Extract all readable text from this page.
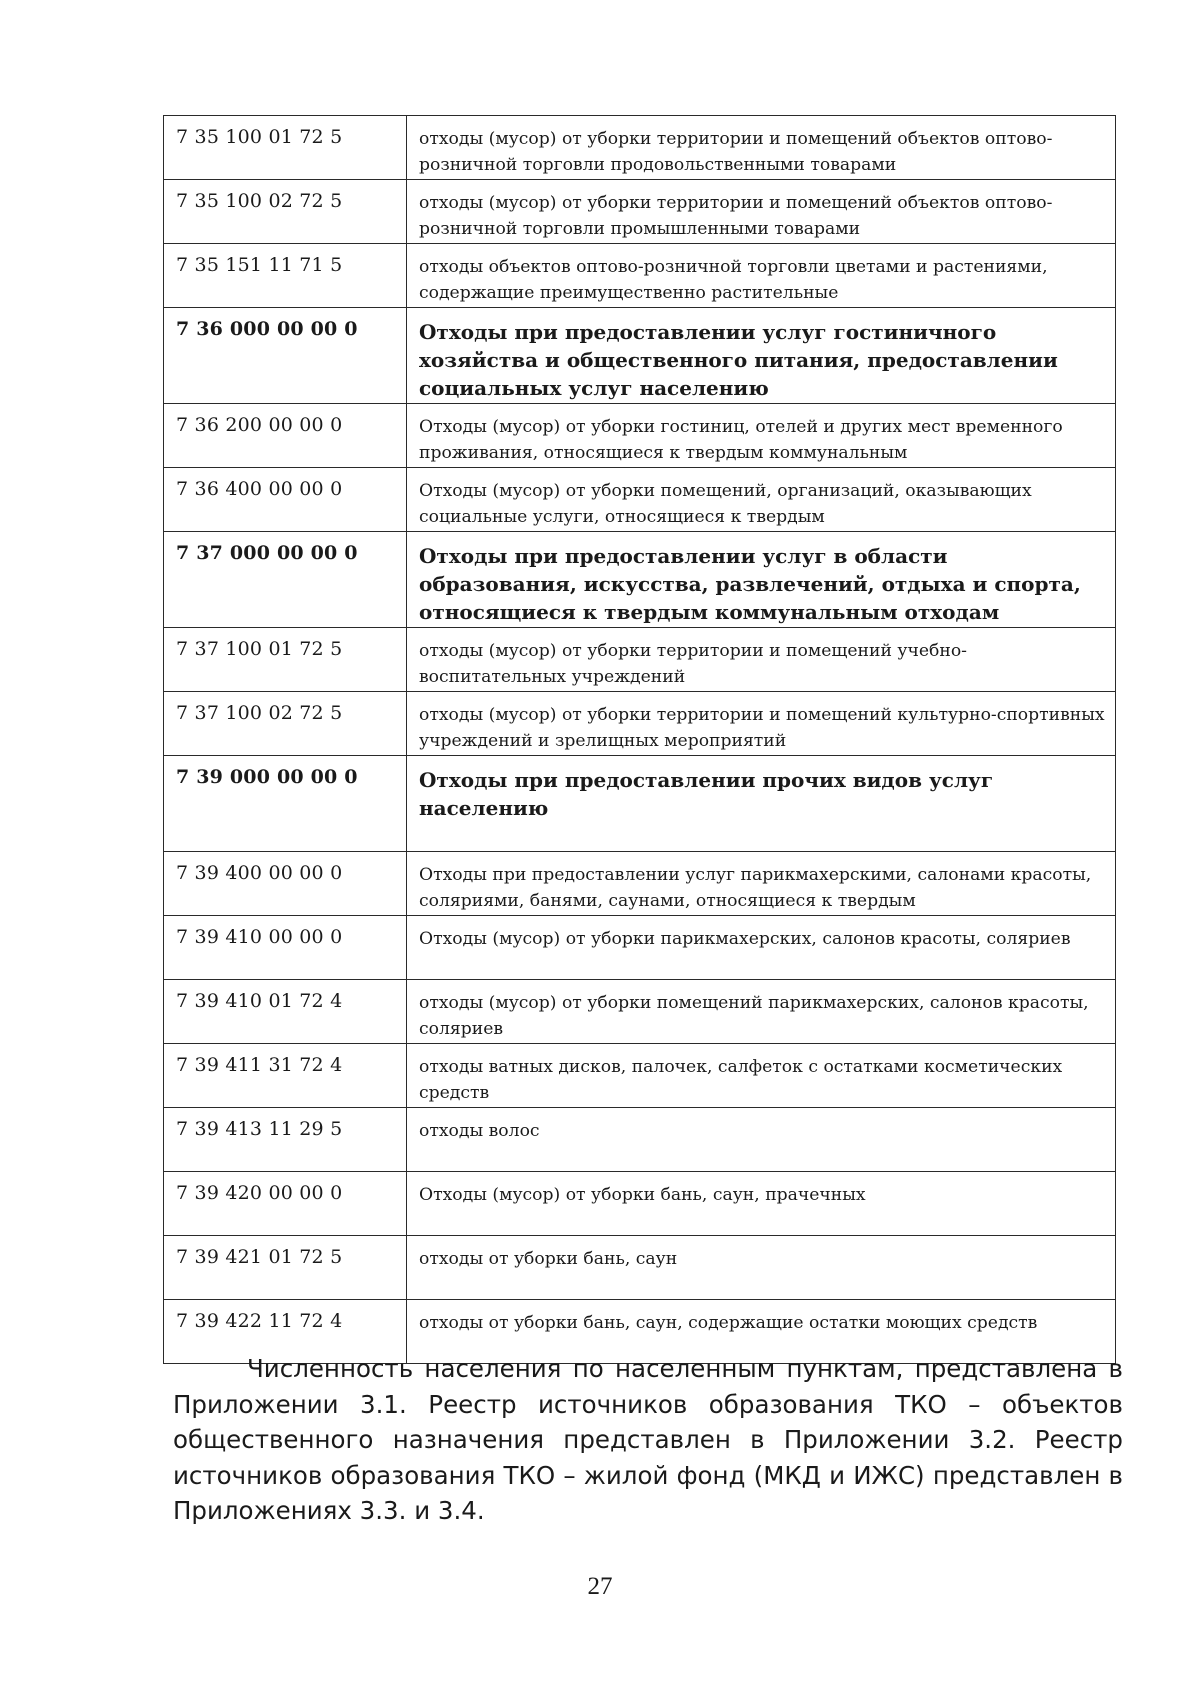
7 35 100 01 72 5	отходы (мусор) от уборки территории и помещений объектов оптово-розничной торговли продовольственными товарами
7 35 100 02 72 5	отходы (мусор) от уборки территории и помещений объектов оптово-розничной торговли промышленными товарами
7 35 151 11 71 5	отходы объектов оптово-розничной торговли цветами и растениями, содержащие преимущественно растительные
7 36 000 00 00 0	Отходы при предоставлении услуг гостиничного хозяйства и общественного питания, предоставлении социальных услуг населению
7 36 200 00 00 0	Отходы (мусор) от уборки гостиниц, отелей и других мест временного проживания, относящиеся к твердым коммунальным
7 36 400 00 00 0	Отходы (мусор) от уборки помещений, организаций, оказывающих социальные услуги, относящиеся к твердым
7 37 000 00 00 0	Отходы при предоставлении услуг в области образования, искусства, развлечений, отдыха и спорта, относящиеся к твердым коммунальным отходам
7 37 100 01 72 5	отходы (мусор) от уборки территории и помещений учебно-воспитательных учреждений
7 37 100 02 72 5	отходы (мусор) от уборки территории и помещений культурно-спортивных учреждений и зрелищных мероприятий
7 39 000 00 00 0	Отходы при предоставлении прочих видов услуг населению
7 39 400 00 00 0	Отходы при предоставлении услуг парикмахерскими, салонами красоты, соляриями, банями, саунами, относящиеся к твердым
7 39 410 00 00 0	Отходы (мусор) от уборки парикмахерских, салонов красоты, соляриев
7 39 410 01 72 4	отходы (мусор) от уборки помещений парикмахерских, салонов красоты, соляриев
7 39 411 31 72 4	отходы ватных дисков, палочек, салфеток с остатками косметических средств
7 39 413 11 29 5	отходы волос
7 39 420 00 00 0	Отходы (мусор) от уборки бань, саун, прачечных
7 39 421 01 72 5	отходы от уборки бань, саун
7 39 422 11 72 4	отходы от уборки бань, саун, содержащие остатки моющих средств

Численность населения по населенным пунктам, представлена в Приложении 3.1. Реестр источников образования ТКО – объектов общественного назначения представлен в Приложении 3.2. Реестр источников образования ТКО – жилой фонд (МКД и ИЖС) представлен в Приложениях 3.3. и 3.4.

27
